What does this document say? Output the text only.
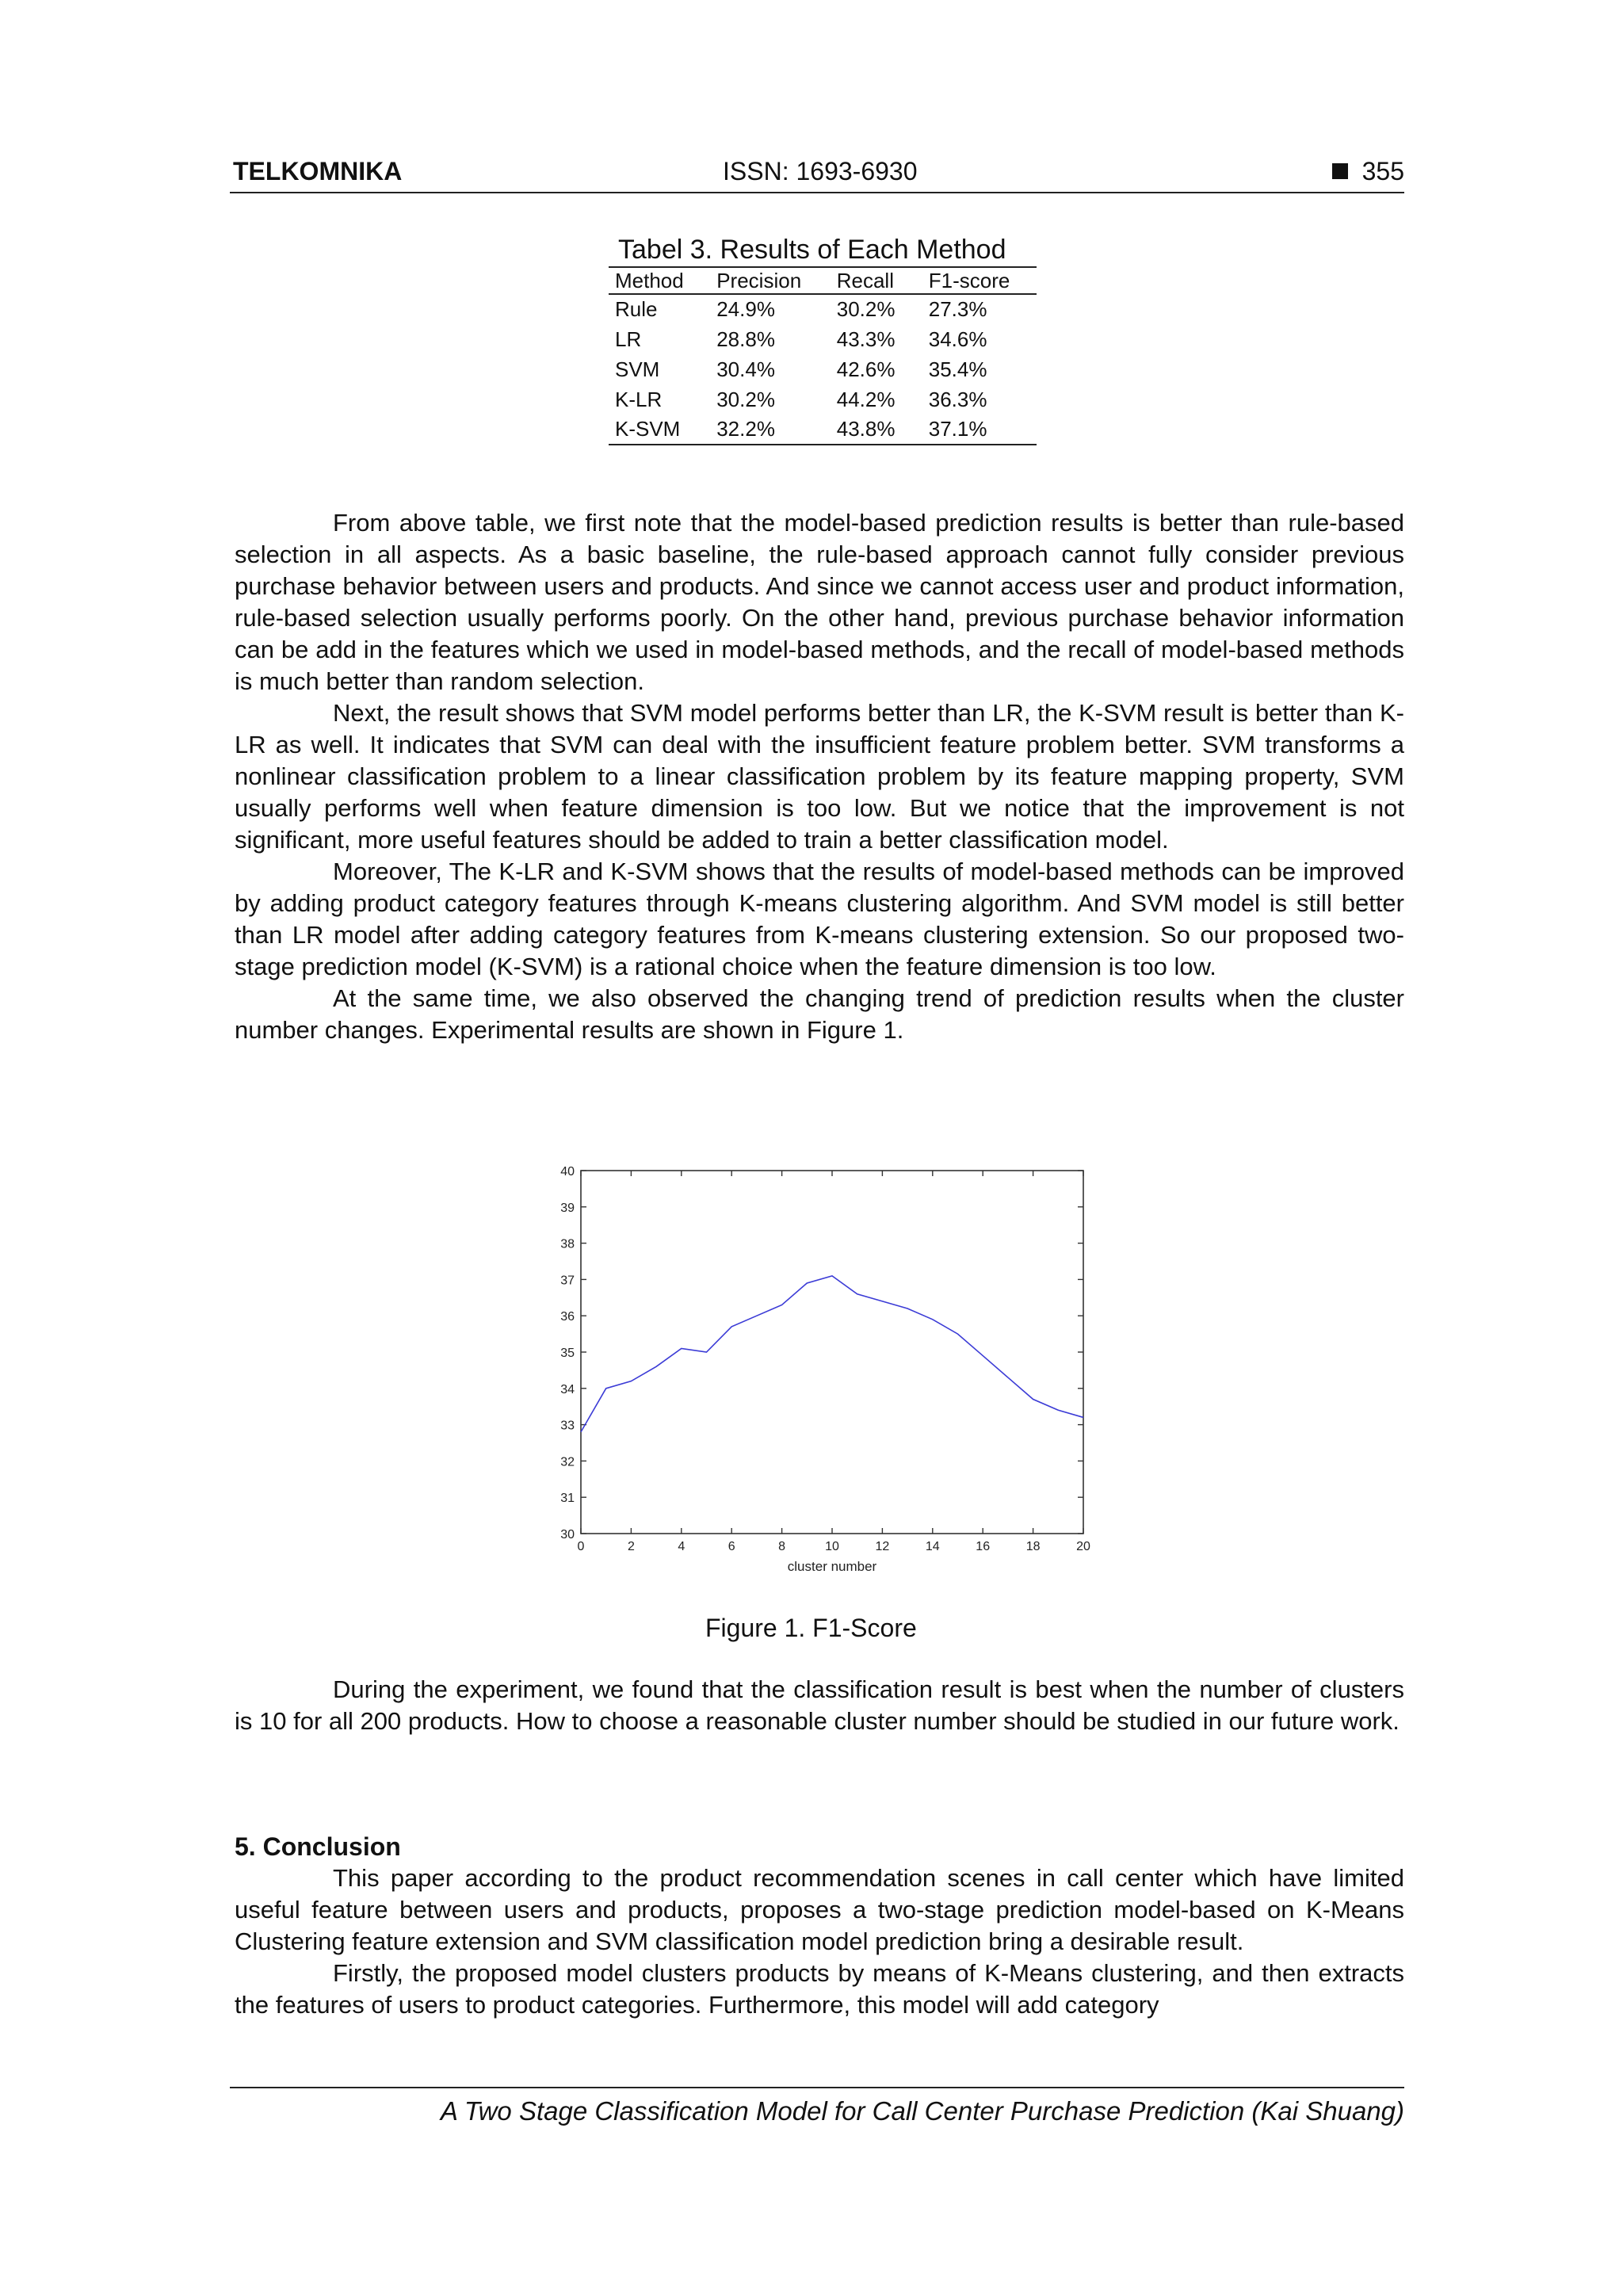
TELKOMNIKA	ISSN: 1693-6930	355
Tabel 3. Results of Each Method
Method	Precision	Recall	F1-score
Rule	24.9%	30.2%	27.3%
LR	28.8%	43.3%	34.6%
SVM	30.4%	42.6%	35.4%
K-LR	30.2%	44.2%	36.3%
K-SVM	32.2%	43.8%	37.1%

From above table, we first note that the model-based prediction results is better than rule-based selection in all aspects. As a basic baseline, the rule-based approach cannot fully consider previous purchase behavior between users and products. And since we cannot access user and product information, rule-based selection usually performs poorly. On the other hand, previous purchase behavior information can be add in the features which we used in model-based methods, and the recall of model-based methods is much better than random selection.

Next, the result shows that SVM model performs better than LR, the K-SVM result is better than K-LR as well. It indicates that SVM can deal with the insufficient feature problem better. SVM transforms a nonlinear classification problem to a linear classification problem by its feature mapping property, SVM usually performs well when feature dimension is too low. But we notice that the improvement is not significant, more useful features should be added to train a better classification model.

Moreover, The K-LR and K-SVM shows that the results of model-based methods can be improved by adding product category features through K-means clustering algorithm. And SVM model is still better than LR model after adding category features from K-means clustering extension. So our proposed two-stage prediction model (K-SVM) is a rational choice when the feature dimension is too low.

At the same time, we also observed the changing trend of prediction results when the cluster number changes. Experimental results are shown in Figure 1.

0	2	4	6	8	10	12	14	16	18	20
30
31
32
33
34
35
36
37
38
39
40
cluster number
Figure 1. F1-Score

During the experiment, we found that the classification result is best when the number of clusters is 10 for all 200 products. How to choose a reasonable cluster number should be studied in our future work.

5. Conclusion

This paper according to the product recommendation scenes in call center which have limited useful feature between users and products, proposes a two-stage prediction model-based on K-Means Clustering feature extension and SVM classification model prediction bring a desirable result.

Firstly, the proposed model clusters products by means of K-Means clustering, and then extracts the features of users to product categories. Furthermore, this model will add category

A Two Stage Classification Model for Call Center Purchase Prediction (Kai Shuang)
